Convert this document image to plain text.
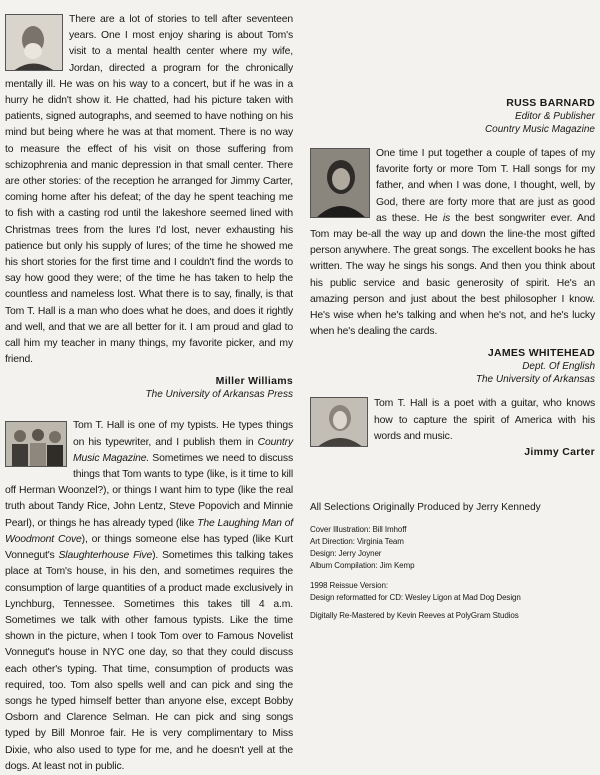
There are a lot of stories to tell after seventeen years. One I most enjoy sharing is about Tom's visit to a mental health center where my wife, Jordan, directed a program for the chronically mentally ill. He was on his way to a concert, but if he was in a hurry he didn't show it. He chatted, had his picture taken with patients, signed autographs, and seemed to have nothing on his mind but being where he was at that moment. There is no way to measure the effect of his visit on those suffering from schizophrenia and manic depression in that small center. There are other stories: of the reception he arranged for Jimmy Carter, coming home after his defeat; of the day he spent teaching me to fish with a casting rod until the lakeshore seemed lined with Christmas trees from the lures I'd lost, never exhausting his patience but only his supply of lures; of the time he showed me his short stories for the first time and I couldn't find the words to say how good they were; of the time he has taken to help the countless and nameless lost. What there is to say, finally, is that Tom T. Hall is a man who does what he does, and does it rightly and well, and that we are all better for it. I am proud and glad to call him my teacher in many things, my favorite picker, and my friend.

Miller Williams
The University of Arkansas Press

Tom T. Hall is one of my typists. He types things on his typewriter, and I publish them in Country Music Magazine. Sometimes we need to discuss things that Tom wants to type (like, is it time to kill off Herman Woonzel?), or things I want him to type (like the real truth about Tandy Rice, John Lentz, Steve Popovich and Minnie Pearl), or things he has already typed (like The Laughing Man of Woodmont Cove), or things someone else has typed (like Kurt Vonnegut's Slaughterhouse Five). Sometimes this talking takes place at Tom's house, in his den, and sometimes requires the consumption of large quantities of a product made exclusively in Lynchburg, Tennessee. Sometimes this takes till 4 a.m. Sometimes we talk with other famous typists. Like the time shown in the picture, when I took Tom over to Famous Novelist Vonnegut's house in NYC one day, so that they could discuss each other's typing. That time, consumption of products was required, too. Tom also spells well and can pick and sing the songs he typed himself better than anyone else, except Bobby Osborn and Clarence Selman. He can pick and sing songs typed by Bill Monroe fair. He is very complimentary to Miss Dixie, who also used to type for me, and he doesn't yell at the dogs. At least not in public.

RUSS BARNARD
Editor & Publisher
Country Music Magazine

One time I put together a couple of tapes of my favorite forty or more Tom T. Hall songs for my father, and when I was done, I thought, well, by God, there are forty more that are just as good as these. He is the best songwriter ever. And Tom may be-all the way up and down the line-the most gifted person anywhere. The great songs. The excellent books he has written. The way he sings his songs. And then you think about his public service and basic generosity of spirit. He's an amazing person and just about the best philosopher I know. He's wise when he's talking and when he's not, and he's lucky when he's dealing the cards.

JAMES WHITEHEAD
Dept. Of English
The University of Arkansas

Tom T. Hall is a poet with a guitar, who knows how to capture the spirit of America with his words and music.

Jimmy Carter
All Selections Originally Produced by Jerry Kennedy
Cover Illustration: Bill Imhoff
Art Direction: Virginia Team
Design: Jerry Joyner
Album Compilation: Jim Kemp
1998 Reissue Version:
Design reformatted for CD: Wesley Ligon at Mad Dog Design
Digitally Re-Mastered by Kevin Reeves at PolyGram Studios
